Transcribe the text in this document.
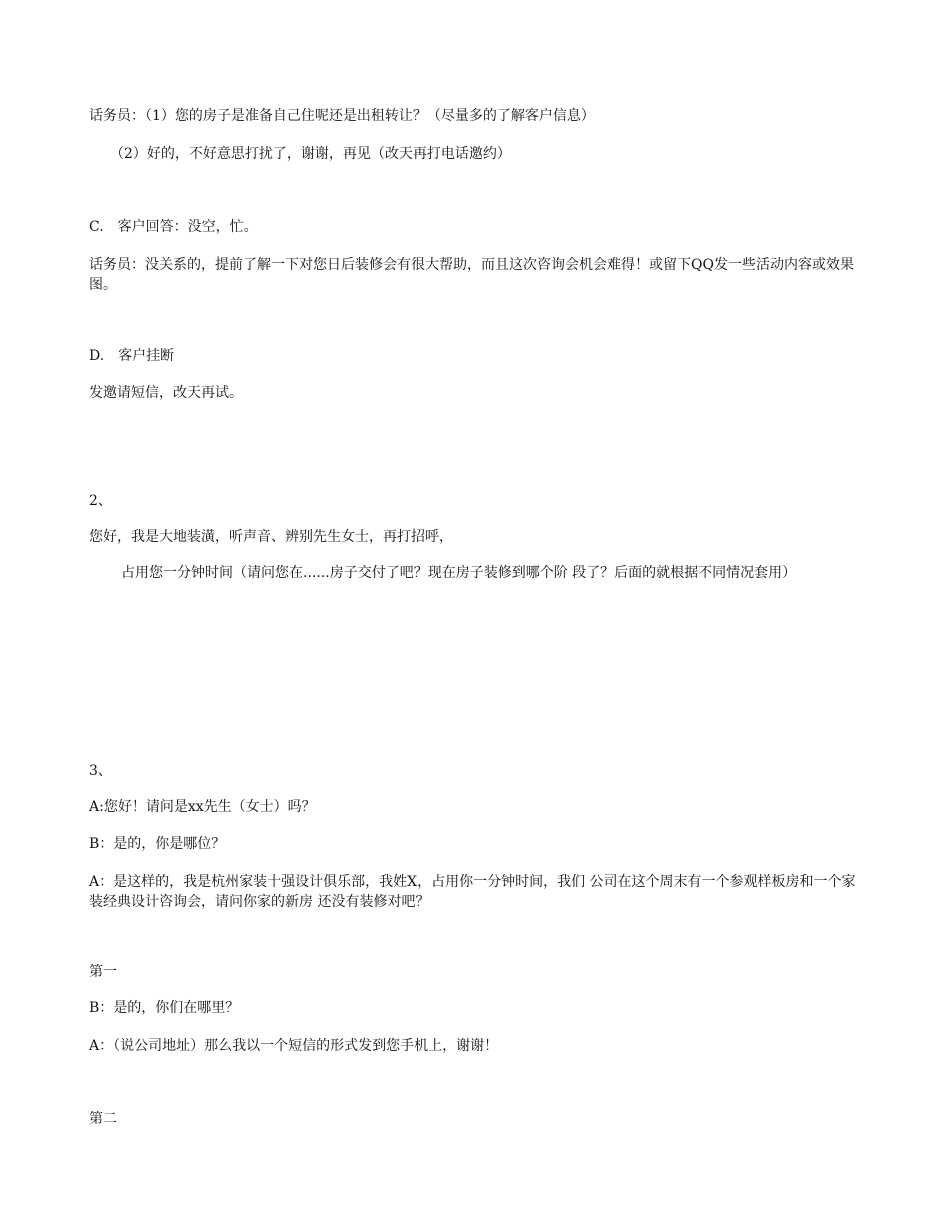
话务员：（1）您的房子是准备自己住呢还是出租转让？（尽量多的了解客户信息）

（2）好的，不好意思打扰了，谢谢，再见（改天再打电话邀约）

C.　客户回答：没空，忙。

话务员：没关系的，提前了解一下对您日后装修会有很大帮助，而且这次咨询会机会难得！或留下QQ发一些活动内容或效果图。

D.　客户挂断

发邀请短信，改天再试。

2、

您好，我是大地装潢，听声音、辨别先生女士，再打招呼，

占用您一分钟时间（请问您在......房子交付了吧？现在房子装修到哪个阶 段了？后面的就根据不同情况套用）

3、

A:您好！请问是xx先生（女士）吗？

B：是的，你是哪位？

A：是这样的，我是杭州家装十强设计俱乐部，我姓X，占用你一分钟时间，我们 公司在这个周末有一个参观样板房和一个家装经典设计咨询会，请问你家的新房 还没有装修对吧？

第一

B：是的，你们在哪里？

A：（说公司地址）那么我以一个短信的形式发到您手机上，谢谢！

第二
